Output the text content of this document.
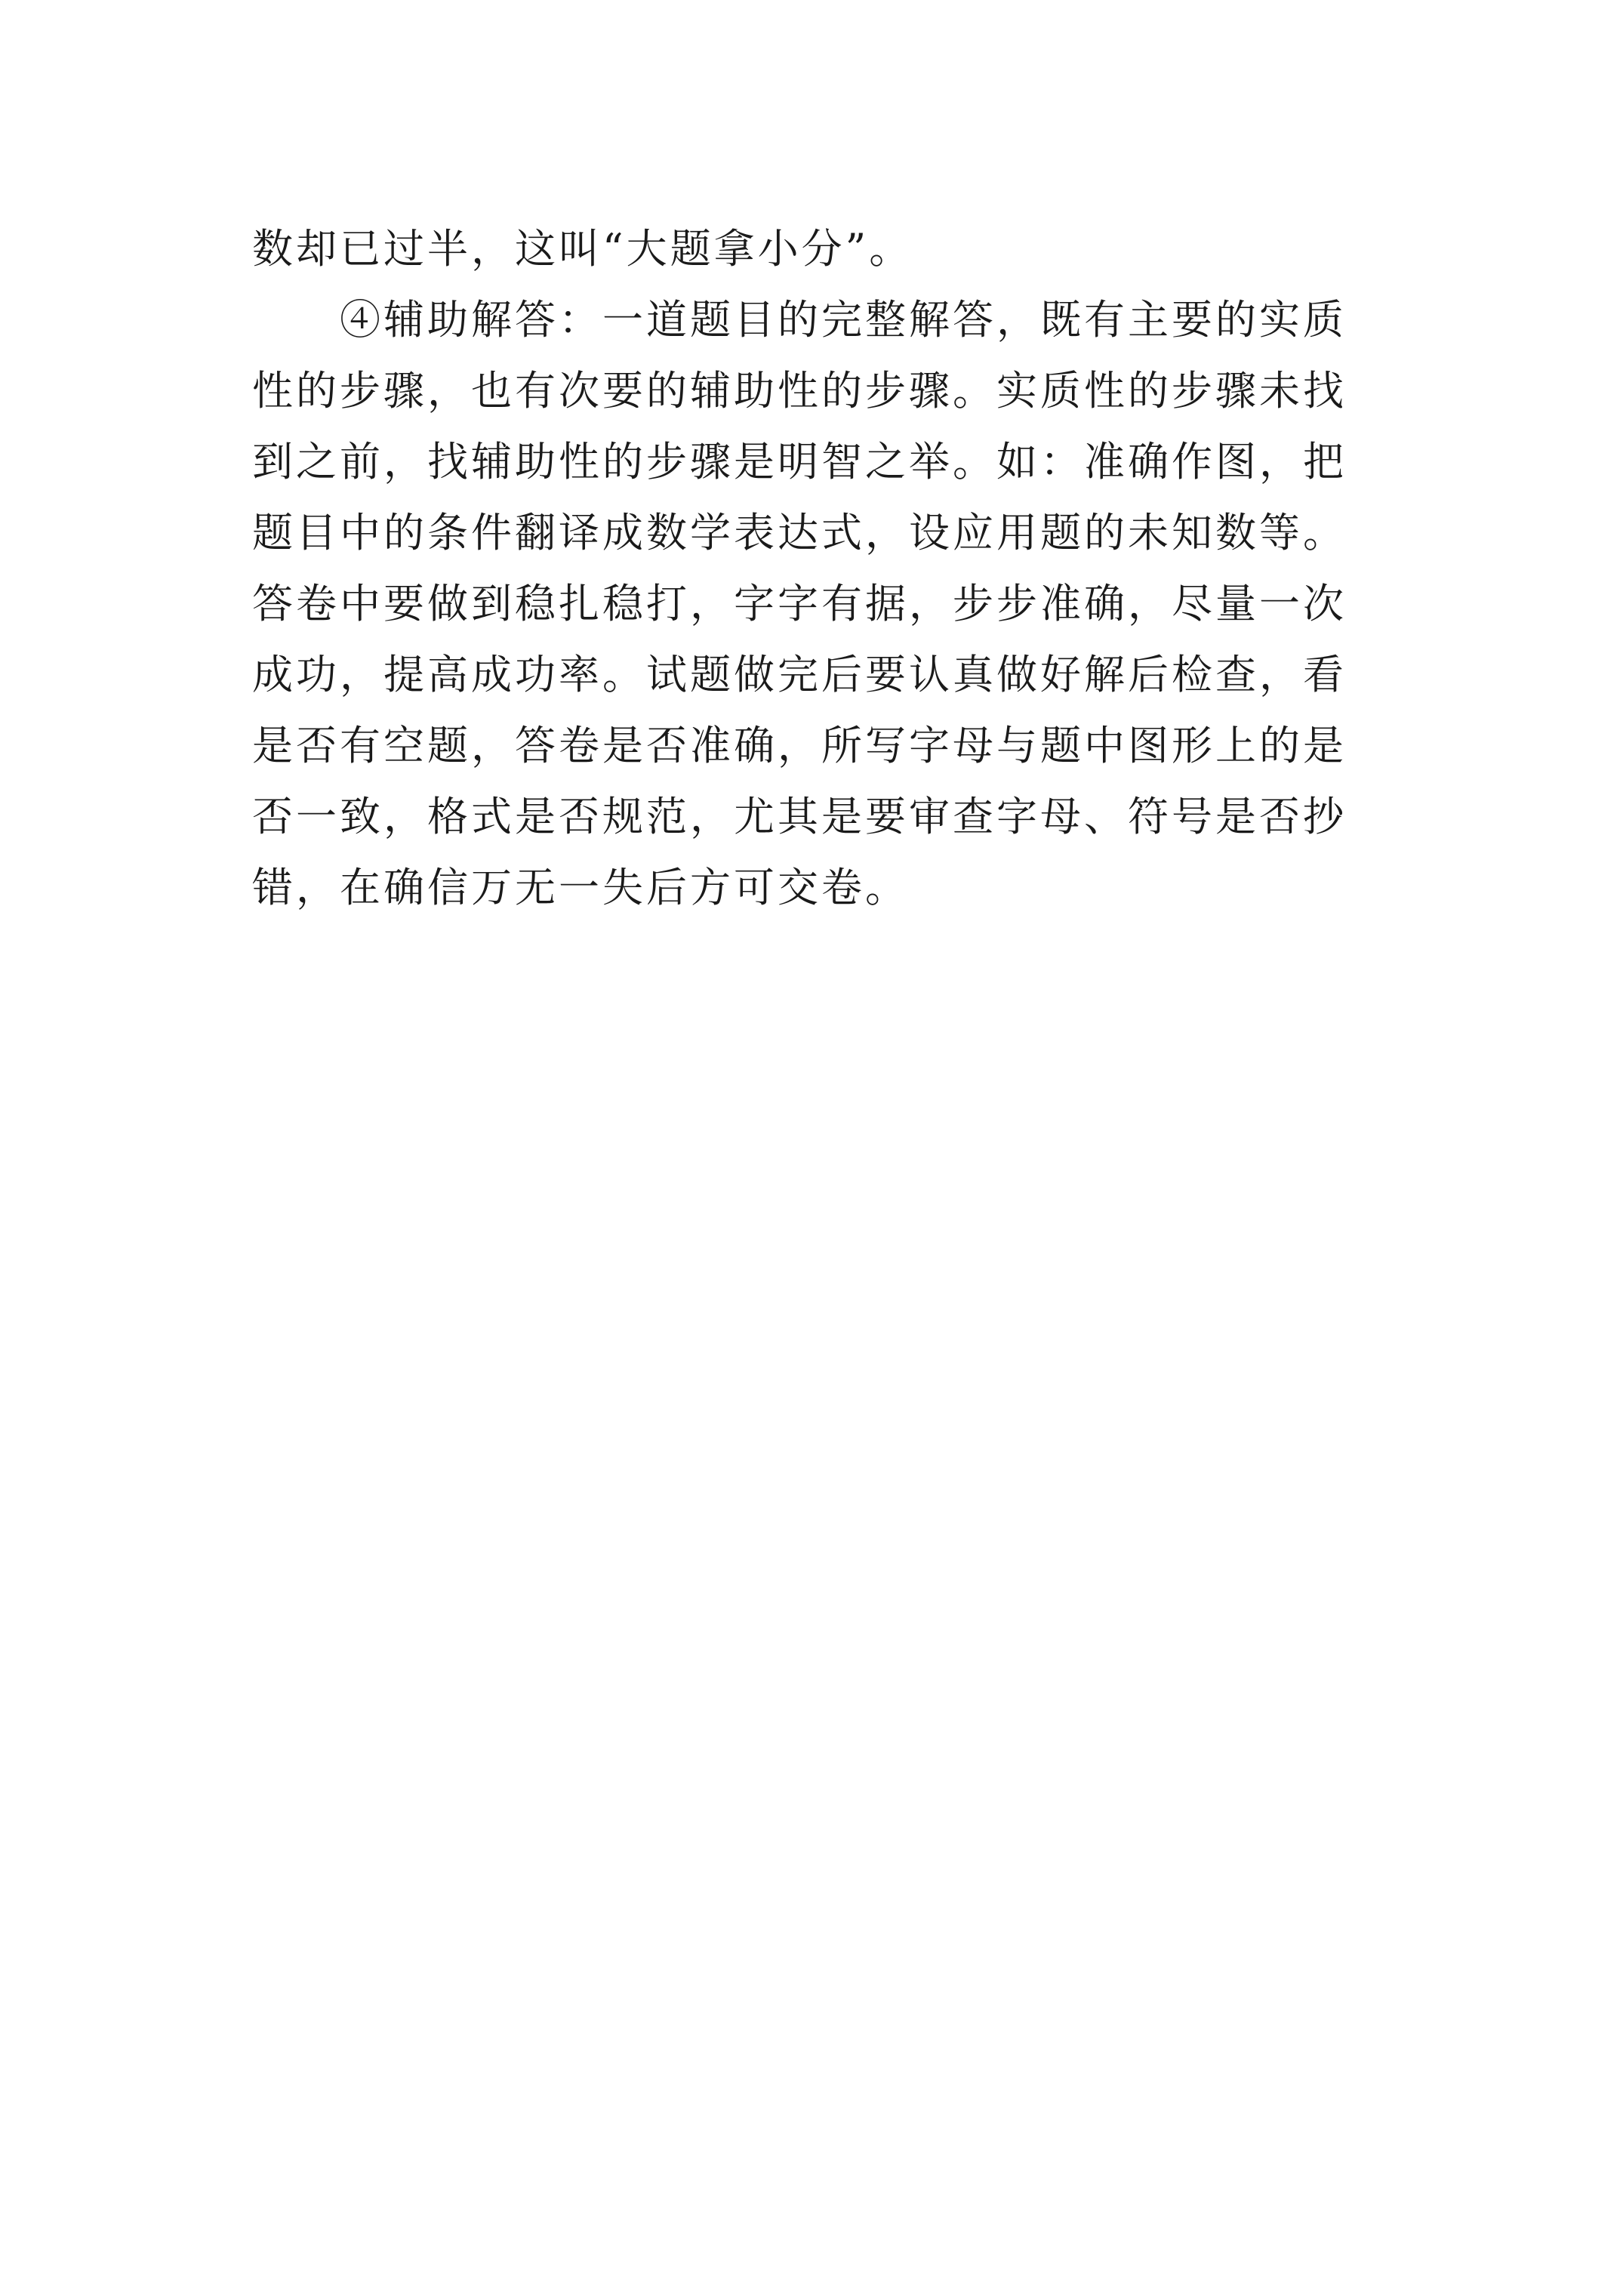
数却已过半，这叫“大题拿小分”。

④辅助解答：一道题目的完整解答，既有主要的实质性的步骤，也有次要的辅助性的步骤。实质性的步骤未找到之前，找辅助性的步骤是明智之举。如：准确作图，把题目中的条件翻译成数学表达式，设应用题的未知数等。答卷中要做到稳扎稳打，字字有据，步步准确，尽量一次成功，提高成功率。试题做完后要认真做好解后检查，看是否有空题，答卷是否准确，所写字母与题中图形上的是否一致，格式是否规范，尤其是要审查字母、符号是否抄错，在确信万无一失后方可交卷。
